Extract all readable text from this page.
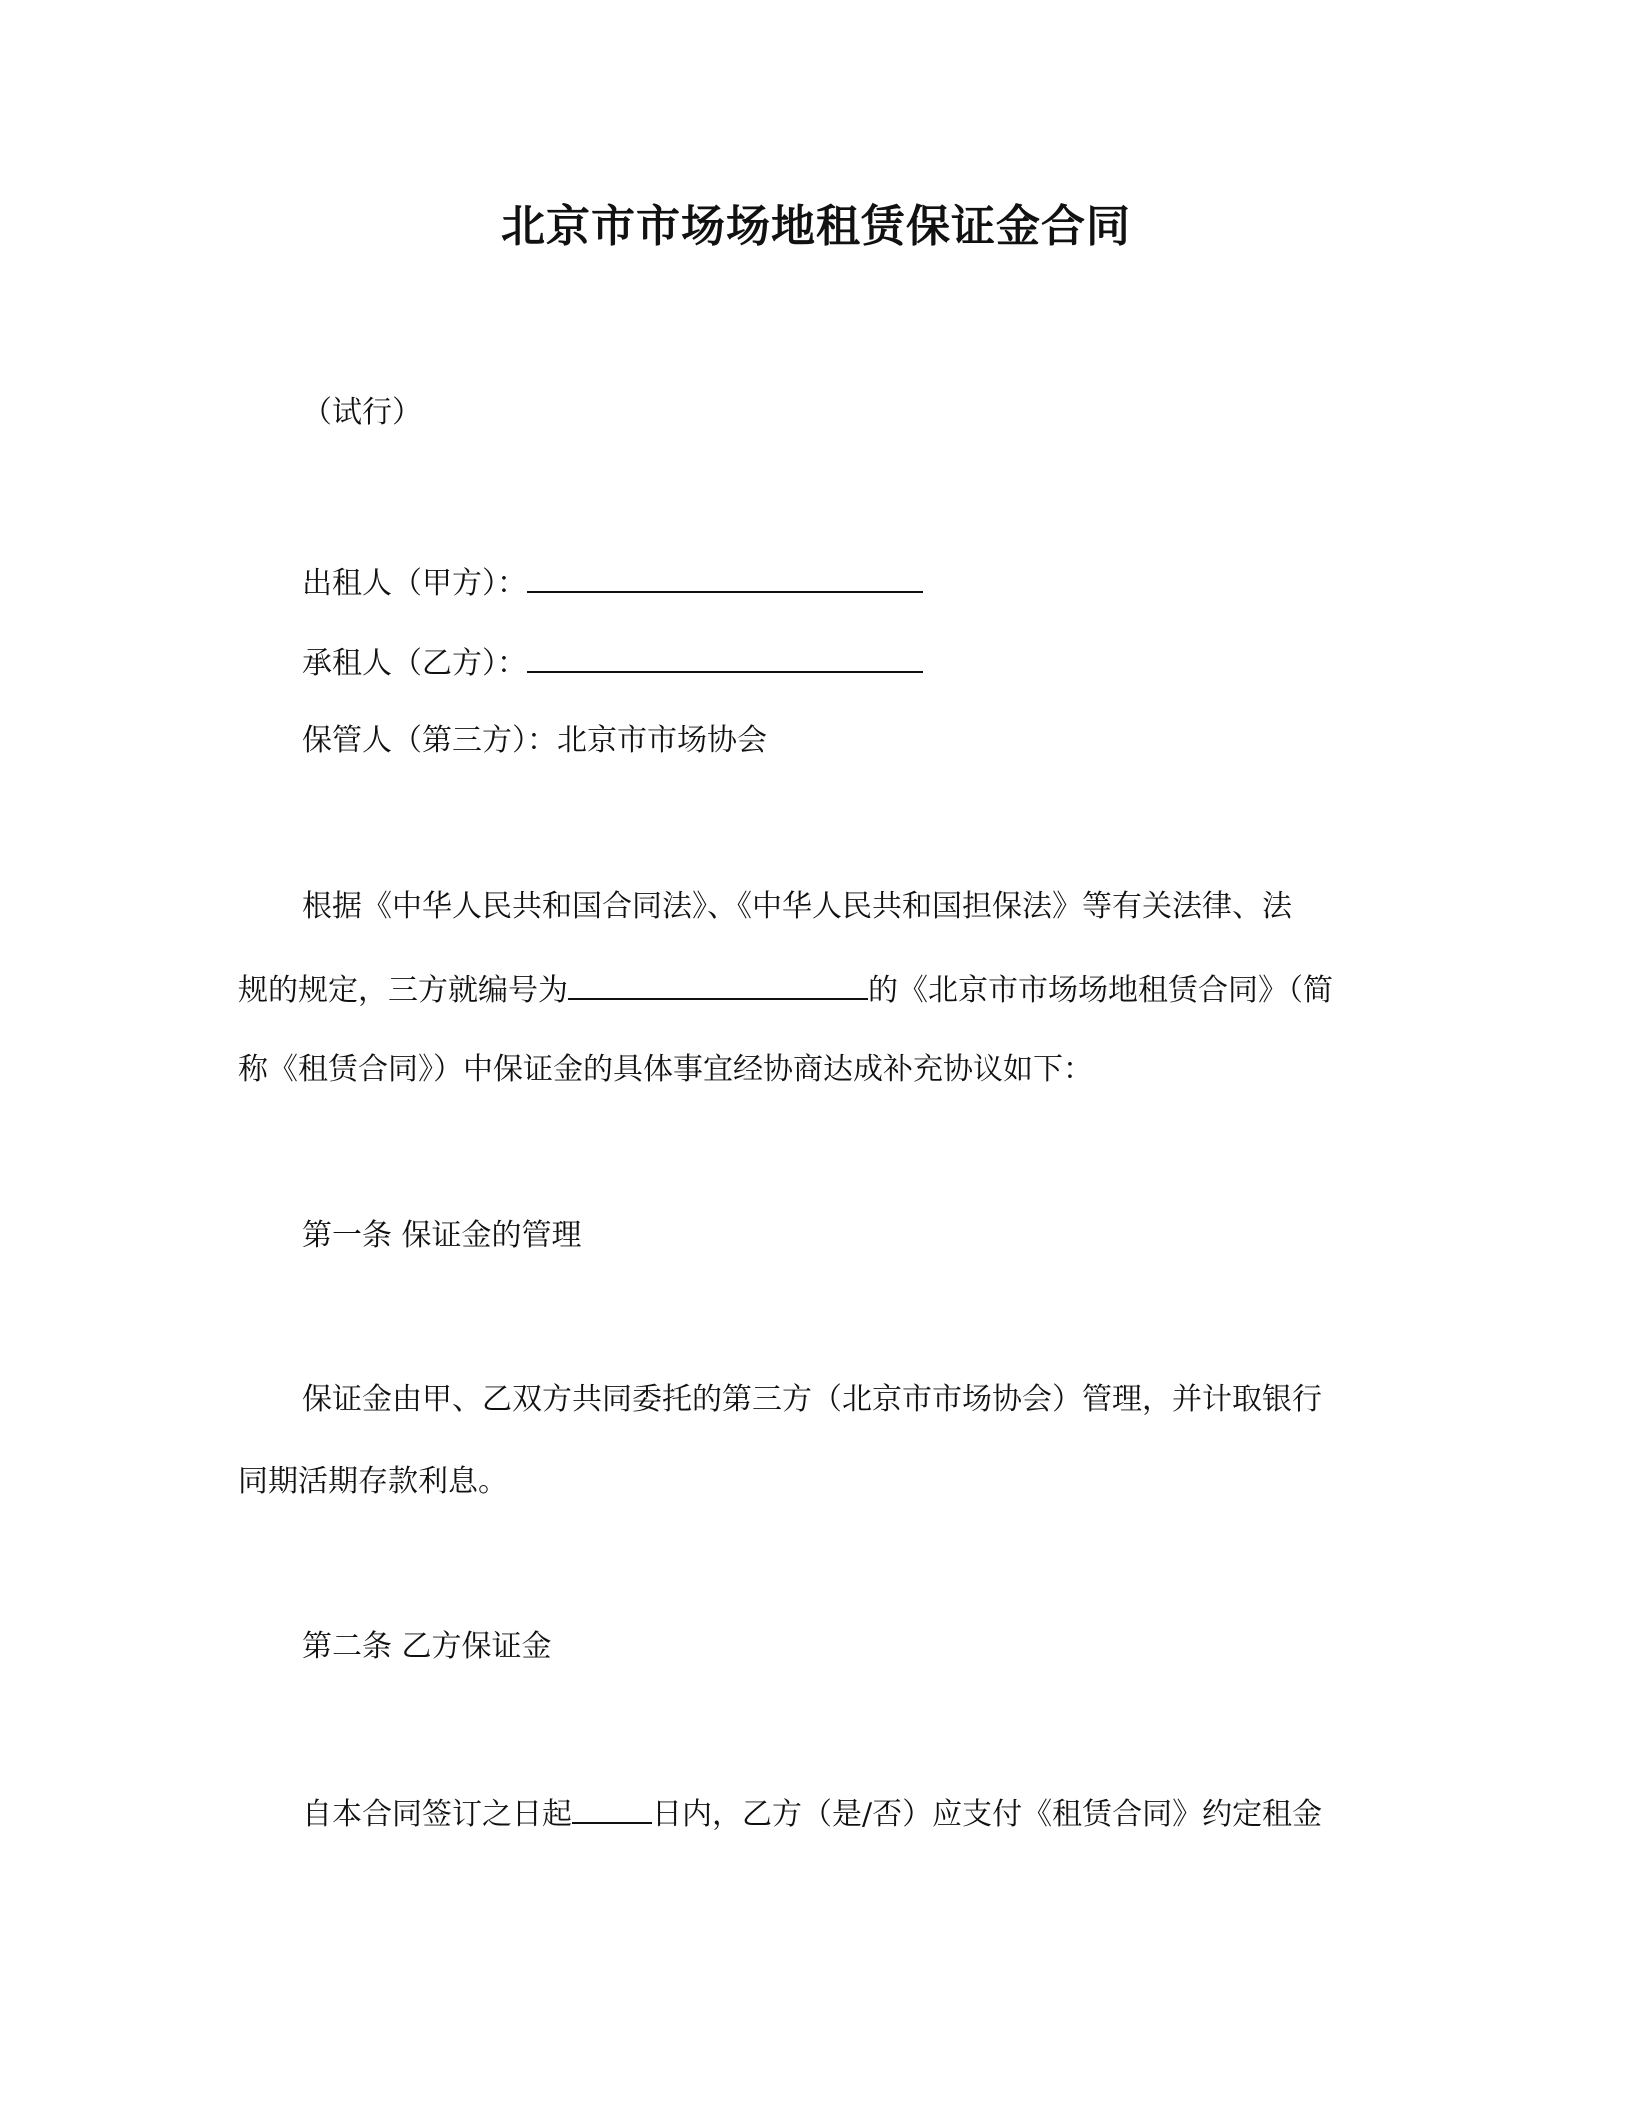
北京市市场场地租赁保证金合同
（试行）
出租人（甲方）：
承租人（乙方）：
保管人（第三方）：北京市市场协会
根据《中华人民共和国合同法》、《中华人民共和国担保法》等有关法律、法
规的规定，三方就编号为	的《北京市市场场地租赁合同》（简
称《租赁合同》）中保证金的具体事宜经协商达成补充协议如下：
第一条 保证金的管理
保证金由甲、乙双方共同委托的第三方（北京市市场协会）管理，并计取银行
同期活期存款利息。
第二条 乙方保证金
自本合同签订之日起	日内，乙方（是/否）应支付《租赁合同》约定租金
